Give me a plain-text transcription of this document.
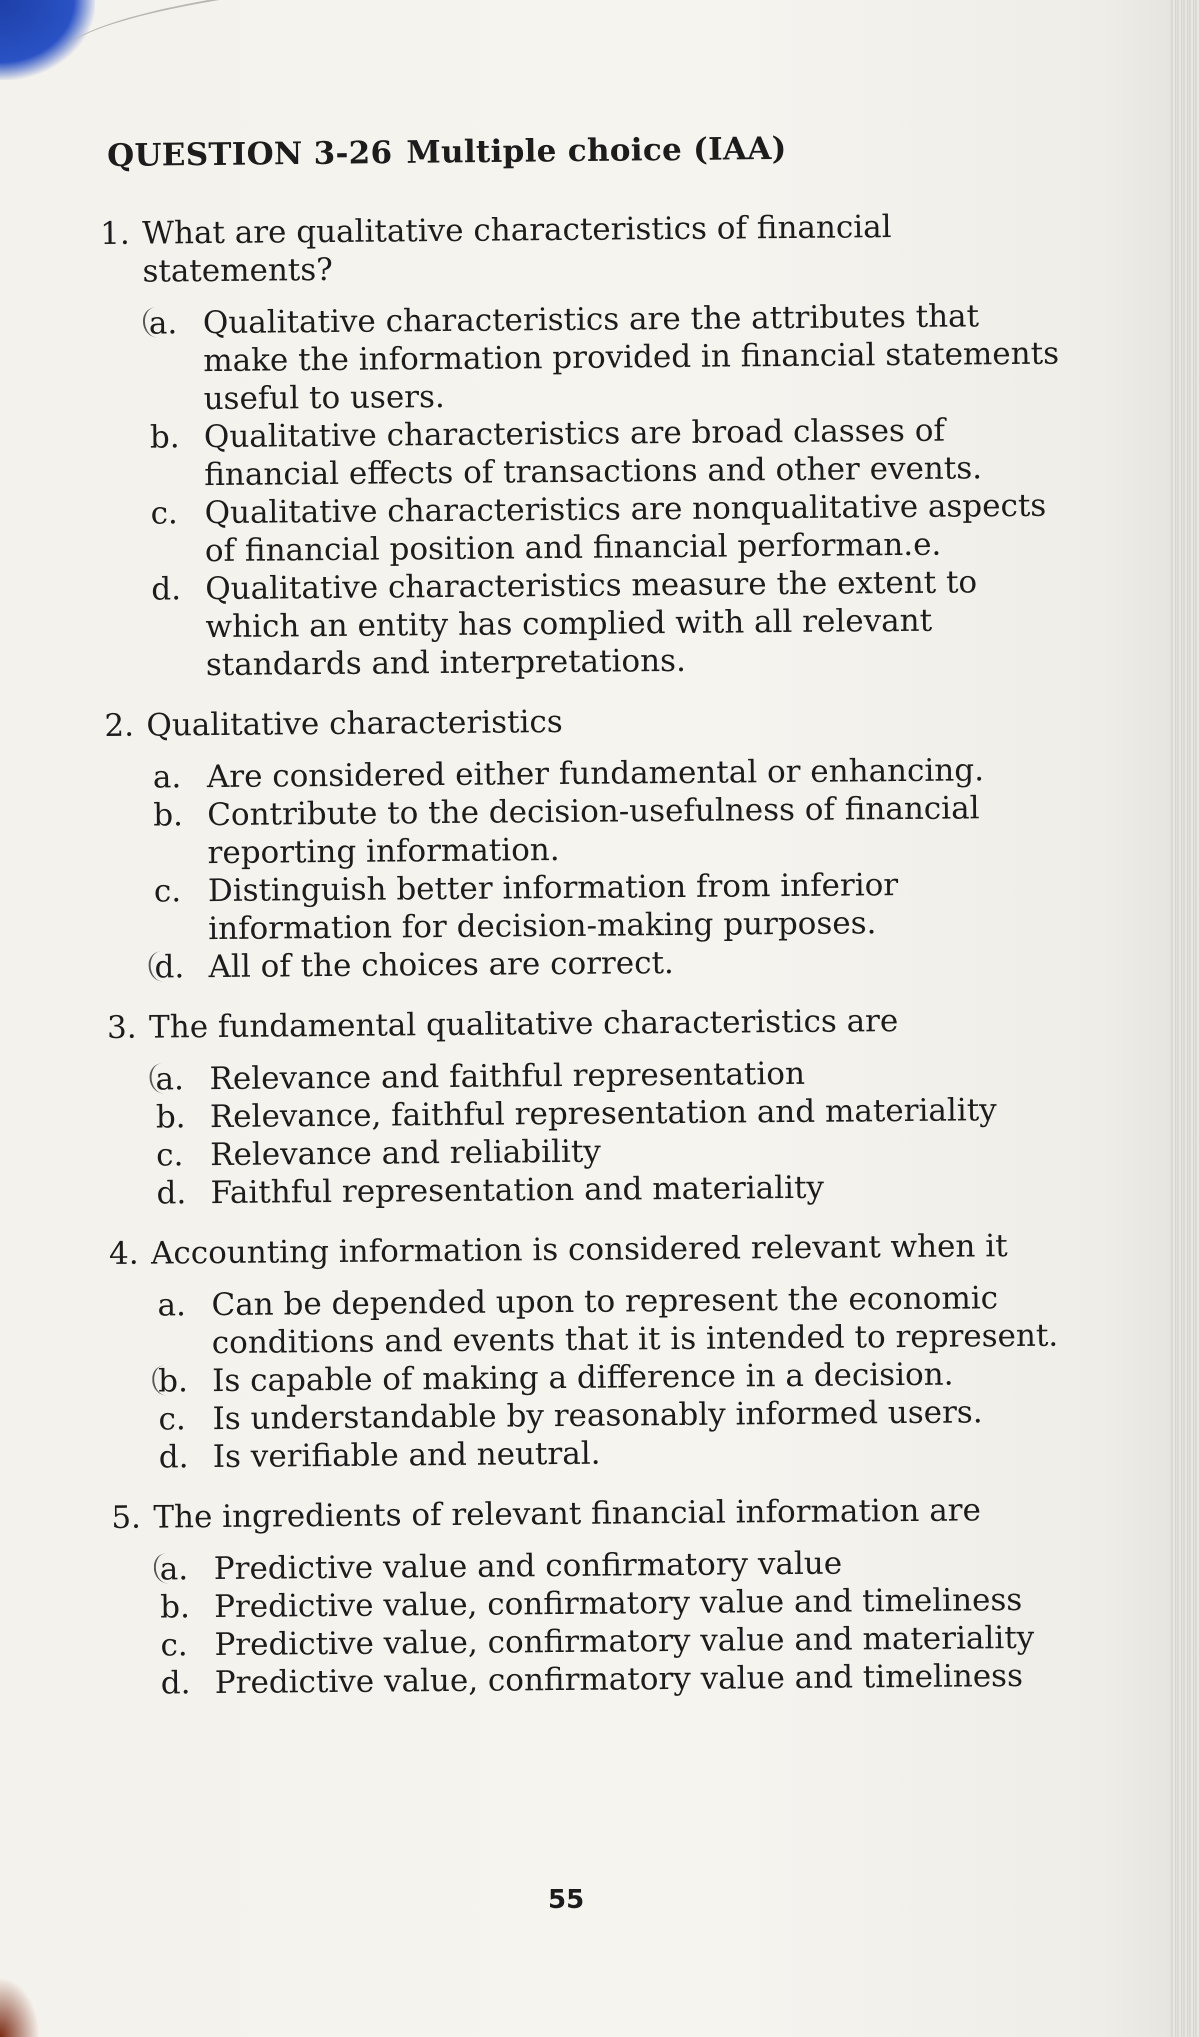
QUESTION 3-26 Multiple choice (IAA)
1. What are qualitative characteristics of financial statements?
a. Qualitative characteristics are the attributes that make the information provided in financial statements useful to users.
b. Qualitative characteristics are broad classes of financial effects of transactions and other events.
c. Qualitative characteristics are nonqualitative aspects of financial position and financial performan.e.
d. Qualitative characteristics measure the extent to which an entity has complied with all relevant standards and interpretations.
2. Qualitative characteristics
a. Are considered either fundamental or enhancing.
b. Contribute to the decision-usefulness of financial reporting information.
c. Distinguish better information from inferior information for decision-making purposes.
d. All of the choices are correct.
3. The fundamental qualitative characteristics are
a. Relevance and faithful representation
b. Relevance, faithful representation and materiality
c. Relevance and reliability
d. Faithful representation and materiality
4. Accounting information is considered relevant when it
a. Can be depended upon to represent the economic conditions and events that it is intended to represent.
b. Is capable of making a difference in a decision.
c. Is understandable by reasonably informed users.
d. Is verifiable and neutral.
5. The ingredients of relevant financial information are
a. Predictive value and confirmatory value
b. Predictive value, confirmatory value and timeliness
c. Predictive value, confirmatory value and materiality
d. Predictive value, confirmatory value and timeliness
55
